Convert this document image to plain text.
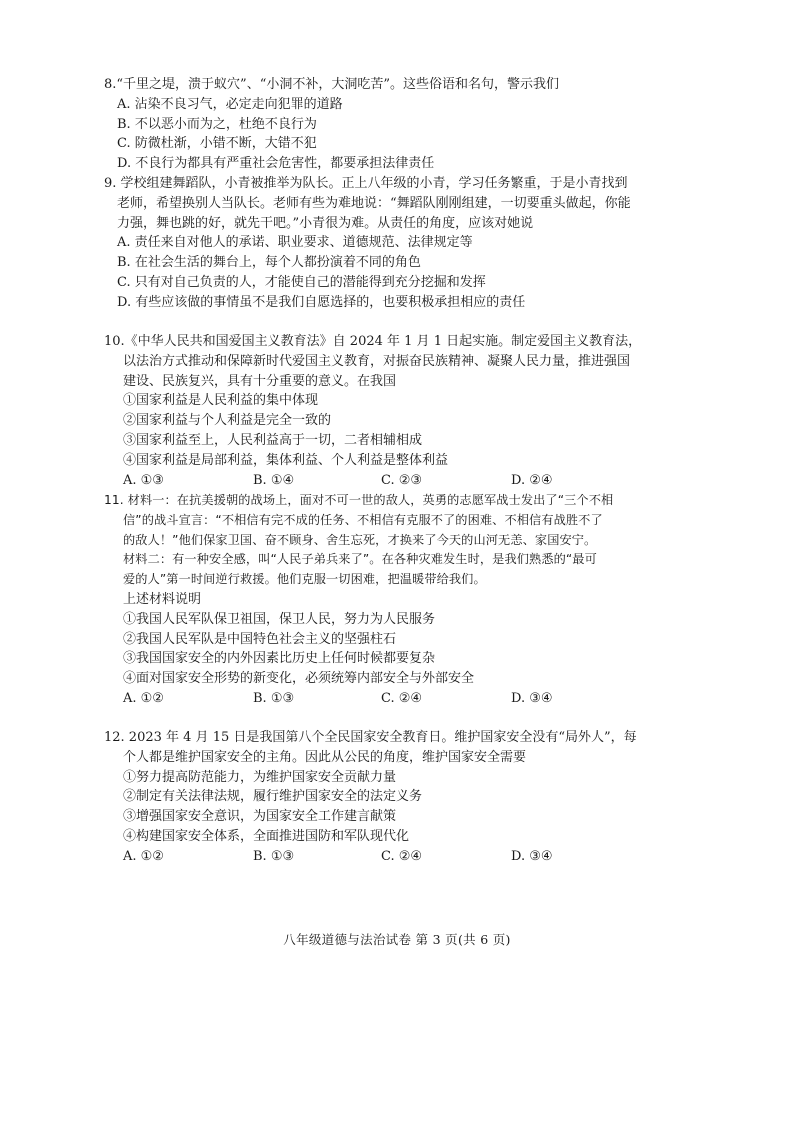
8.“千里之堤，溃于蚁穴”、“小洞不补，大洞吃苦”。这些俗语和名句，警示我们
A. 沾染不良习气，必定走向犯罪的道路
B. 不以恶小而为之，杜绝不良行为
C. 防微杜渐，小错不断，大错不犯
D. 不良行为都具有严重社会危害性，都要承担法律责任
9. 学校组建舞蹈队，小青被推举为队长。正上八年级的小青，学习任务繁重，于是小青找到
老师，希望换别人当队长。老师有些为难地说：“舞蹈队刚刚组建，一切要重头做起，你能
力强，舞也跳的好，就先干吧。”小青很为难。从责任的角度，应该对她说
A. 责任来自对他人的承诺、职业要求、道德规范、法律规定等
B. 在社会生活的舞台上，每个人都扮演着不同的角色
C. 只有对自己负责的人，才能使自己的潜能得到充分挖掘和发挥
D. 有些应该做的事情虽不是我们自愿选择的，也要积极承担相应的责任
10.《中华人民共和国爱国主义教育法》自 2024 年 1 月 1 日起实施。制定爱国主义教育法，
以法治方式推动和保障新时代爱国主义教育，对振奋民族精神、凝聚人民力量，推进强国
建设、民族复兴，具有十分重要的意义。在我国
①国家利益是人民利益的集中体现
②国家利益与个人利益是完全一致的
③国家利益至上，人民利益高于一切，二者相辅相成
④国家利益是局部利益，集体利益、个人利益是整体利益
A. ①③	B. ①④	C. ②③	D. ②④
11. 材料一：在抗美援朝的战场上，面对不可一世的敌人，英勇的志愿军战士发出了“三个不相
信”的战斗宣言：“不相信有完不成的任务、不相信有克服不了的困难、不相信有战胜不了
的敌人！”他们保家卫国、奋不顾身、舍生忘死，才换来了今天的山河无恙、家国安宁。
材料二：有一种安全感，叫“人民子弟兵来了”。在各种灾难发生时，是我们熟悉的“最可
爱的人”第一时间逆行救援。他们克服一切困难，把温暖带给我们。
上述材料说明
①我国人民军队保卫祖国，保卫人民，努力为人民服务
②我国人民军队是中国特色社会主义的坚强柱石
③我国国家安全的内外因素比历史上任何时候都要复杂
④面对国家安全形势的新变化，必须统筹内部安全与外部安全
A. ①②	B. ①③	C. ②④	D. ③④
12. 2023 年 4 月 15 日是我国第八个全民国家安全教育日。维护国家安全没有“局外人”，每
个人都是维护国家安全的主角。因此从公民的角度，维护国家安全需要
①努力提高防范能力，为维护国家安全贡献力量
②制定有关法律法规，履行维护国家安全的法定义务
③增强国家安全意识，为国家安全工作建言献策
④构建国家安全体系，全面推进国防和军队现代化
A. ①②	B. ①③	C. ②④	D. ③④
八年级道德与法治试卷 第 3 页(共 6 页)
